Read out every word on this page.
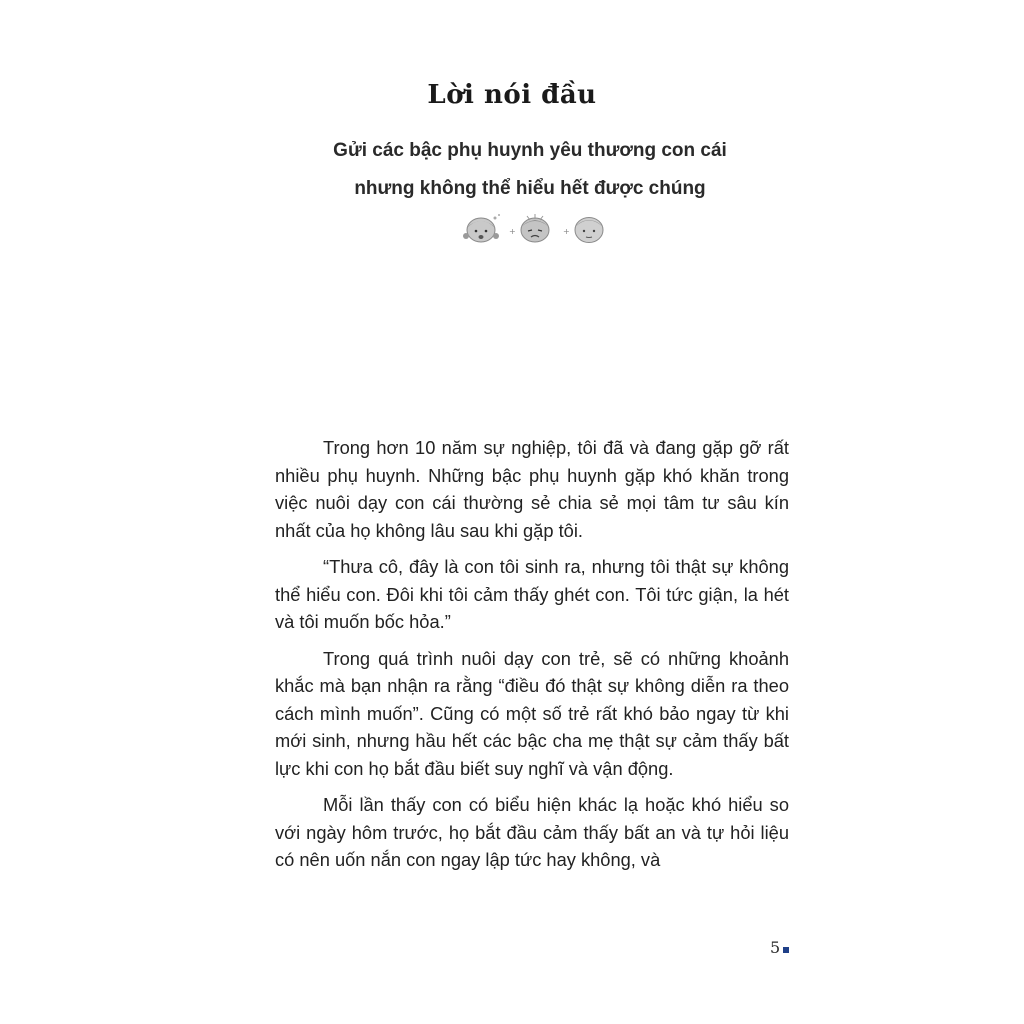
Lời nói đầu
Gửi các bậc phụ huynh yêu thương con cái
nhưng không thể hiểu hết được chúng
+	+

Trong hơn 10 năm sự nghiệp, tôi đã và đang gặp gỡ rất nhiều phụ huynh. Những bậc phụ huynh gặp khó khăn trong việc nuôi dạy con cái thường sẻ chia sẻ mọi tâm tư sâu kín nhất của họ không lâu sau khi gặp tôi.

“Thưa cô, đây là con tôi sinh ra, nhưng tôi thật sự không thể hiểu con. Đôi khi tôi cảm thấy ghét con. Tôi tức giận, la hét và tôi muốn bốc hỏa.”

Trong quá trình nuôi dạy con trẻ, sẽ có những khoảnh khắc mà bạn nhận ra rằng “điều đó thật sự không diễn ra theo cách mình muốn”. Cũng có một số trẻ rất khó bảo ngay từ khi mới sinh, nhưng hầu hết các bậc cha mẹ thật sự cảm thấy bất lực khi con họ bắt đầu biết suy nghĩ và vận động.

Mỗi lần thấy con có biểu hiện khác lạ hoặc khó hiểu so với ngày hôm trước, họ bắt đầu cảm thấy bất an và tự hỏi liệu có nên uốn nắn con ngay lập tức hay không, và

5
